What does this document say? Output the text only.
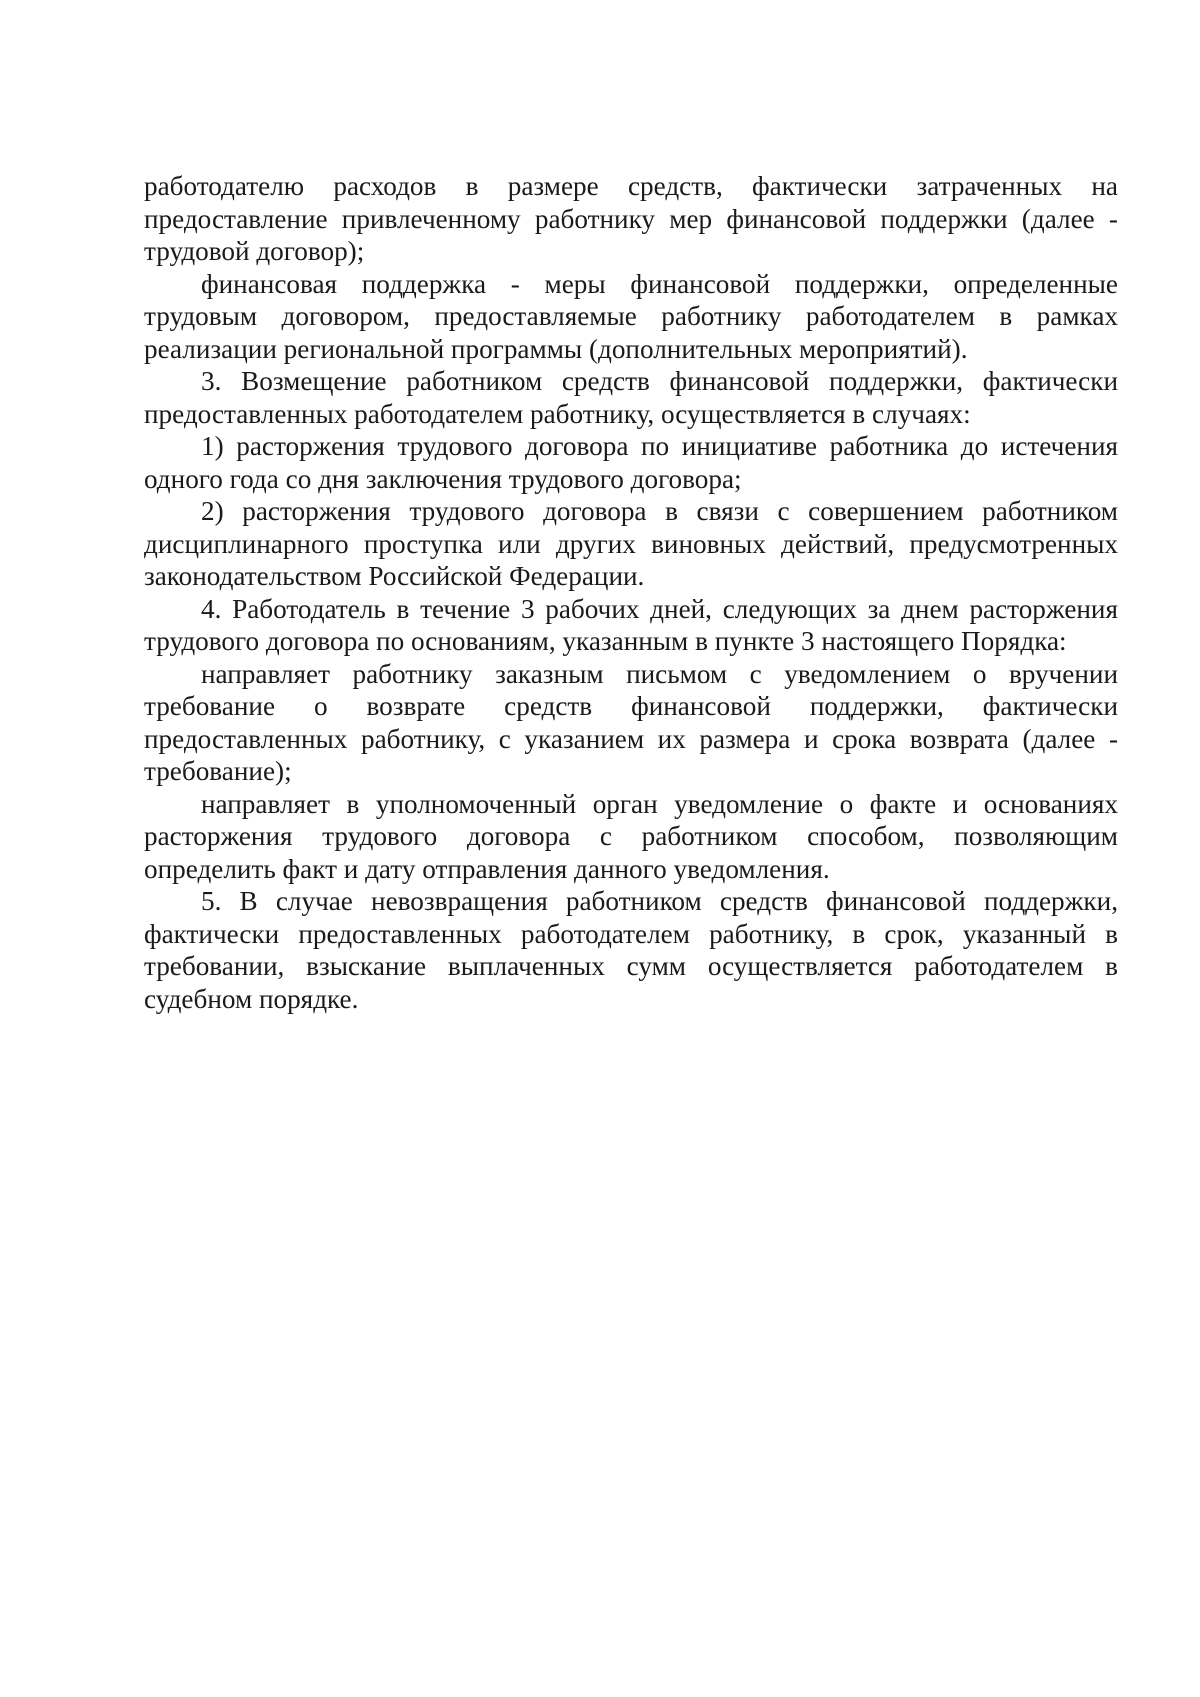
работодателю расходов в размере средств, фактически затраченных на предоставление привлеченному работнику мер финансовой поддержки (далее - трудовой договор);

финансовая поддержка - меры финансовой поддержки, определенные трудовым договором, предоставляемые работнику работодателем в рамках реализации региональной программы (дополнительных мероприятий).

3. Возмещение работником средств финансовой поддержки, фактически предоставленных работодателем работнику, осуществляется в случаях:

1) расторжения трудового договора по инициативе работника до истечения одного года со дня заключения трудового договора;

2) расторжения трудового договора в связи с совершением работником дисциплинарного проступка или других виновных действий, предусмотренных законодательством Российской Федерации.

4. Работодатель в течение 3 рабочих дней, следующих за днем расторжения трудового договора по основаниям, указанным в пункте 3 настоящего Порядка:

направляет работнику заказным письмом с уведомлением о вручении требование о возврате средств финансовой поддержки, фактически предоставленных работнику, с указанием их размера и срока возврата (далее - требование);

направляет в уполномоченный орган уведомление о факте и основаниях расторжения трудового договора с работником способом, позволяющим определить факт и дату отправления данного уведомления.

5. В случае невозвращения работником средств финансовой поддержки, фактически предоставленных работодателем работнику, в срок, указанный в требовании, взыскание выплаченных сумм осуществляется работодателем в судебном порядке.
